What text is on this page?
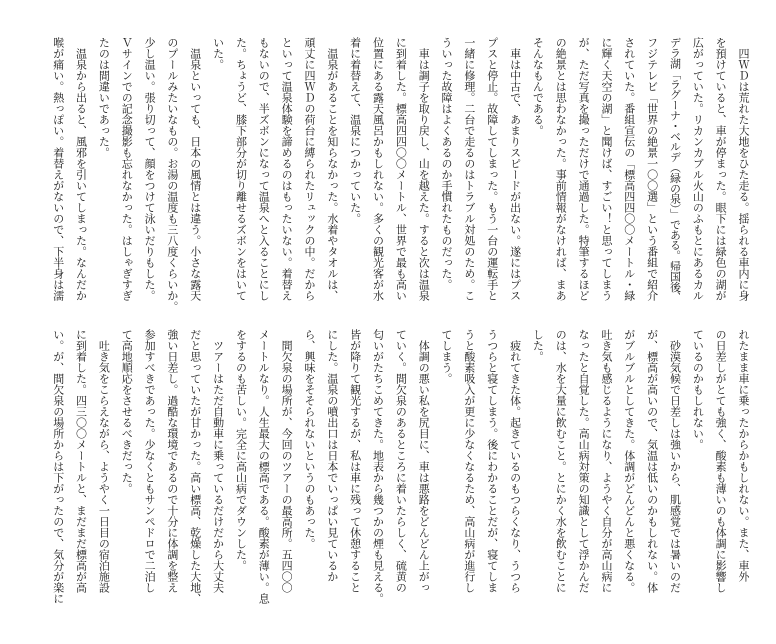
四ＷＤは荒れた大地をひた走る。揺られる車内に身
を預けていると、車が停まった。眼下には緑色の湖が
広がっていた。リカンカブル火山のふもとにあるカル
デラ湖「ラグーナ・ベルデ（緑の泉）」である。帰国後、
フジテレビ「世界の絶景一〇〇選」という番組で紹介
されていた。番組宣伝の「標高四四〇〇メートル・緑
に輝く天空の湖」と聞けば、すごい！と思ってしまう
が、ただ写真を撮っただけで通過した。特筆するほど
の絶景とは思わなかった。事前情報がなければ、まあ
そんなもんである。
車は中古で、あまりスピードが出ない。遂にはプス
プスと停止。故障してしまった。もう一台の運転手と
一緒に修理。二台で走るのはトラブル対処のため。こ
ういった故障はよくあるのか手慣れたものだった。
車は調子を取り戻し、山を越えた。すると次は温泉
に到着した。標高四四〇〇メートル、世界で最も高い
位置にある露天風呂かもしれない。多くの観光客が水
着に着替えて、温泉につかっていた。
温泉があることを知らなかった。水着やタオルは、
頑丈に四ＷＤの荷台に縛られたリュックの中。だから
といって温泉体験を諦めるのはもったいない。着替え
もないので、半ズボンになって温泉へと入ることにし
た。ちょうど、膝下部分が切り離せるズボンをはいて
いた。
温泉といっても、日本の風情とは違う。小さな露天
のプールみたいなもの。お湯の温度も三八度くらいか。
少し温い。張り切って、顔をつけて泳いだりもした。
Ｖサインでの記念撮影も忘れなかった。はしゃぎすぎ
たのは間違いであった。
温泉から出ると、風邪を引いてしまった。なんだか
喉が痛い。熱っぽい。着替えがないので、下半身は濡
れたまま車に乗ったからかもしれない。また、車外
の日差しがとても強く、酸素も薄いのも体調に影響し
ているのかもしれない。
砂漠気候で日差しは強いから、肌感覚では暑いのだ
が、標高が高いので、気温は低いのかもしれない。体
がブルブルとしてきた。体調がどんどんと悪くなる。
吐き気も感じるようになり、ようやく自分が高山病に
なったと自覚した。高山病対策の知識として浮かんだ
のは、水を大量に飲むこと。とにかく水を飲むことに
した。
疲れてきた体。起きているのもつらくなり、うつら
うつらと寝てしまう。後にわかることだが、寝てしま
うと酸素吸入が更に少なくなるため、高山病が進行し
てしまう。
体調の悪い私を尻目に、車は悪路をどんどん上がっ
ていく。間欠泉のあるところに着いたらしく、硫黄の
匂いがたちこめてきた。地表から幾つかの煙も見える。
皆が降りて観光するが、私は車に残って休憩すること
にした。温泉の噴出口は日本でいっぱい見ているか
ら、興味をそそられないというのもあった。
間欠泉の場所が、今回のツアーの最高所。五四〇〇
メートルなり。人生最大の標高である。酸素が薄い。息
をするのも苦しい。完全に高山病でダウンした。
ツアーはただ自動車に乗っているだけだから大丈夫
だと思っていたが甘かった。高い標高、乾燥した大地、
強い日差し。過酷な環境であるので十分に体調を整え
参加すべきであった。少なくともサンペドロで二泊し
て高地順応をさせるべきだった。
吐き気をこらえながら、ようやく一日目の宿泊施設
に到着した。四三〇〇メートルと、まだまだ標高が高
い。が、間欠泉の場所からは下がったので、気分が楽に
